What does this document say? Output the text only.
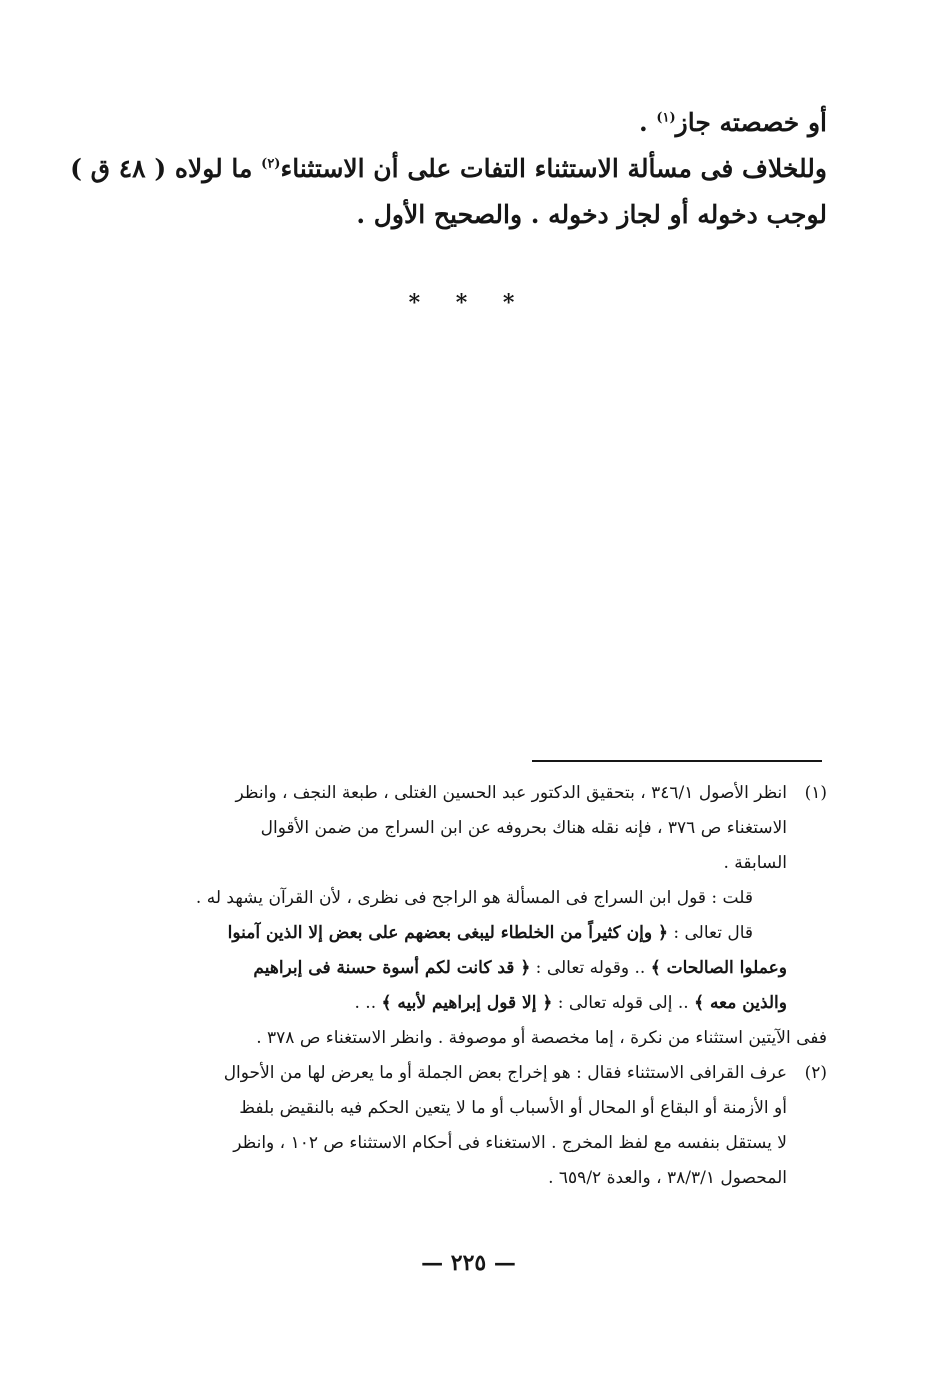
أو خصصته جاز$^{(١)}$ .

وللخلاف فى مسألة الاستثناء التفات على أن الاستثناء$^{(٢)}$ ما لولاه ( ٤٨ ق )

لوجب دخوله أو لجاز دخوله . والصحيح الأول .

* * *
(١)

انظر الأصول ٣٤٦/١ ، بتحقيق الدكتور عبد الحسين الغتلى ، طبعة النجف ، وانظر

الاستغناء ص ٣٧٦ ، فإنه نقله هناك بحروفه عن ابن السراج من ضمن الأقوال

السابقة .

قلت : قول ابن السراج فى المسألة هو الراجح فى نظرى ، لأن القرآن يشهد له .

قال تعالى : ﴿ وإن كثيراً من الخلطاء ليبغى بعضهم على بعض إلا الذين آمنوا

وعملوا الصالحات ﴾ .. وقوله تعالى : ﴿ قد كانت لكم أسوة حسنة فى إبراهيم

والذين معه ﴾ .. إلى قوله تعالى : ﴿ إلا قول إبراهيم لأبيه ﴾ .. .

ففى الآيتين استثناء من نكرة ، إما مخصصة أو موصوفة . وانظر الاستغناء ص ٣٧٨ .

(٢)

عرف القرافى الاستثناء فقال : هو إخراج بعض الجملة أو ما يعرض لها من الأحوال

أو الأزمنة أو البقاع أو المحال أو الأسباب أو ما لا يتعين الحكم فيه بالنقيض بلفظ

لا يستقل بنفسه مع لفظ المخرج . الاستغناء فى أحكام الاستثناء ص ١٠٢ ، وانظر

المحصول ٣٨/٣/١ ، والعدة ٦٥٩/٢ .

— ٢٢٥ —
